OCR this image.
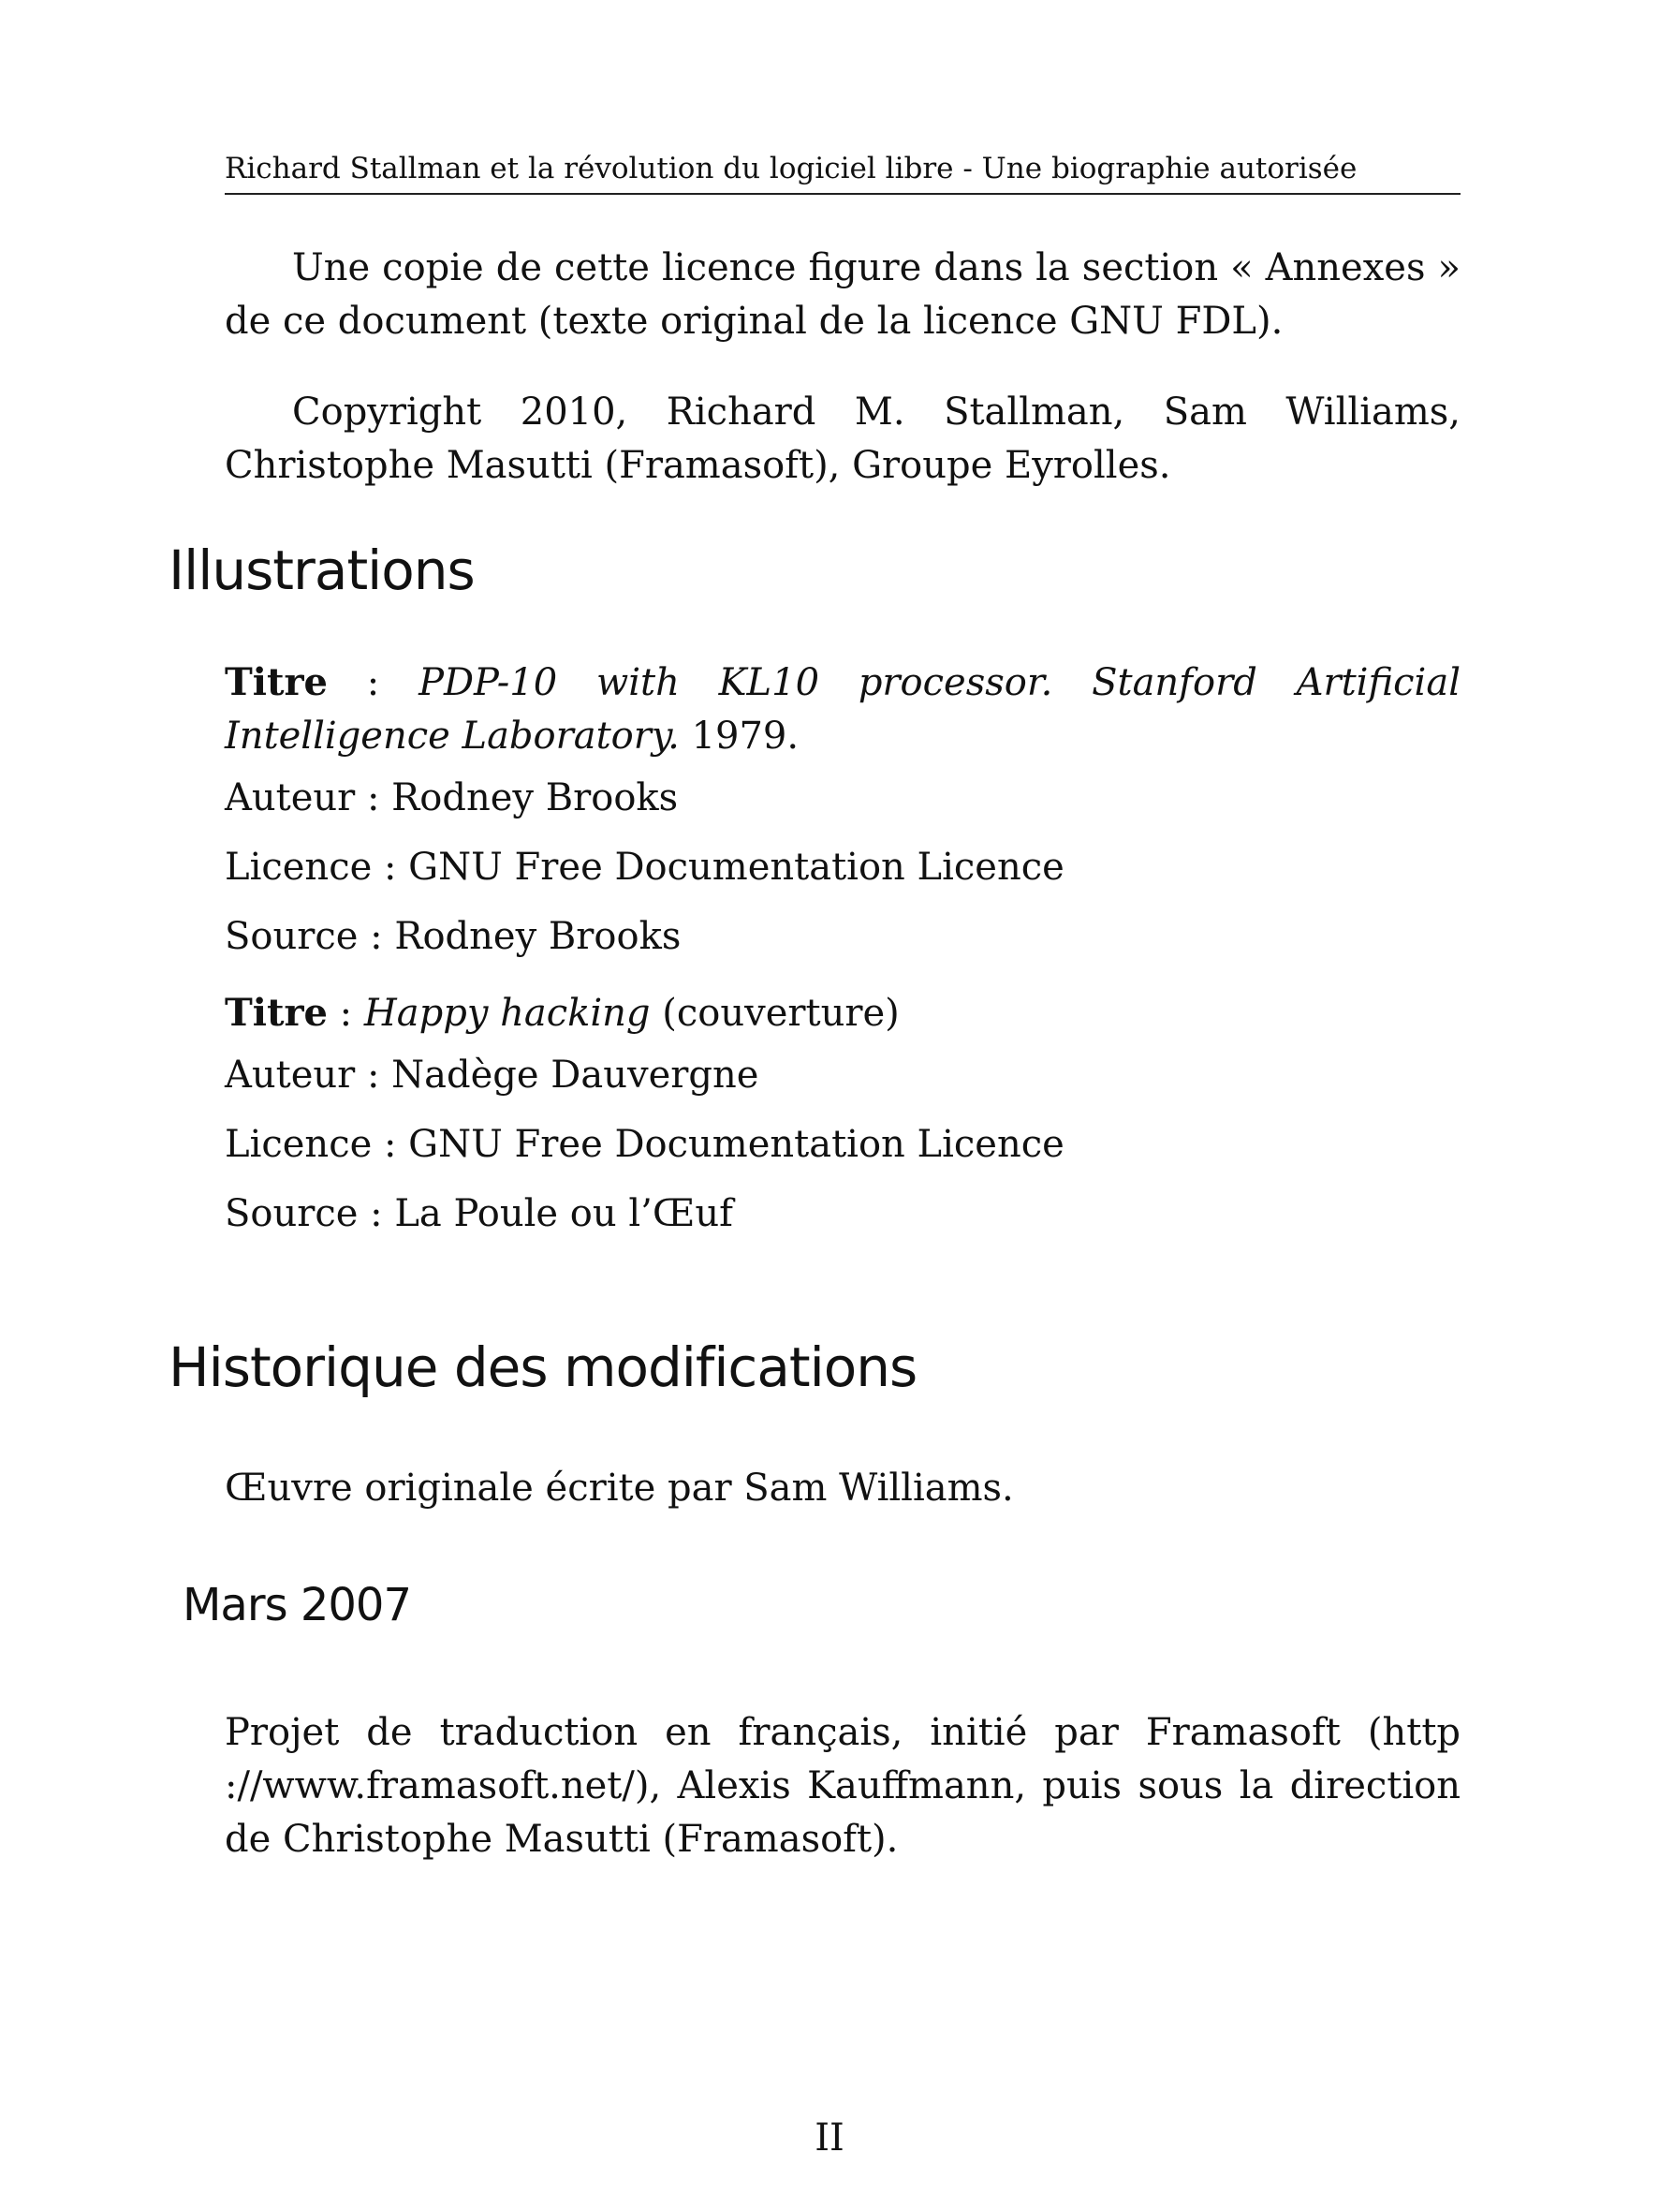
Richard Stallman et la révolution du logiciel libre - Une biographie autorisée

Une copie de cette licence figure dans la section « Annexes » de ce document (texte original de la licence GNU FDL).

Copyright 2010, Richard M. Stallman, Sam Williams, Christophe Masutti (Framasoft), Groupe Eyrolles.

Illustrations

Titre : PDP-10 with KL10 processor. Stanford Artificial Intelligence Laboratory. 1979.

Auteur : Rodney Brooks

Licence : GNU Free Documentation Licence

Source : Rodney Brooks

Titre : Happy hacking (couverture)

Auteur : Nadège Dauvergne

Licence : GNU Free Documentation Licence

Source : La Poule ou l’Œuf

Historique des modifications

Œuvre originale écrite par Sam Williams.

Mars 2007

Projet de traduction en français, initié par Framasoft (http ://www.framasoft.net/), Alexis Kauffmann, puis sous la direction de Christophe Masutti (Framasoft).

II
